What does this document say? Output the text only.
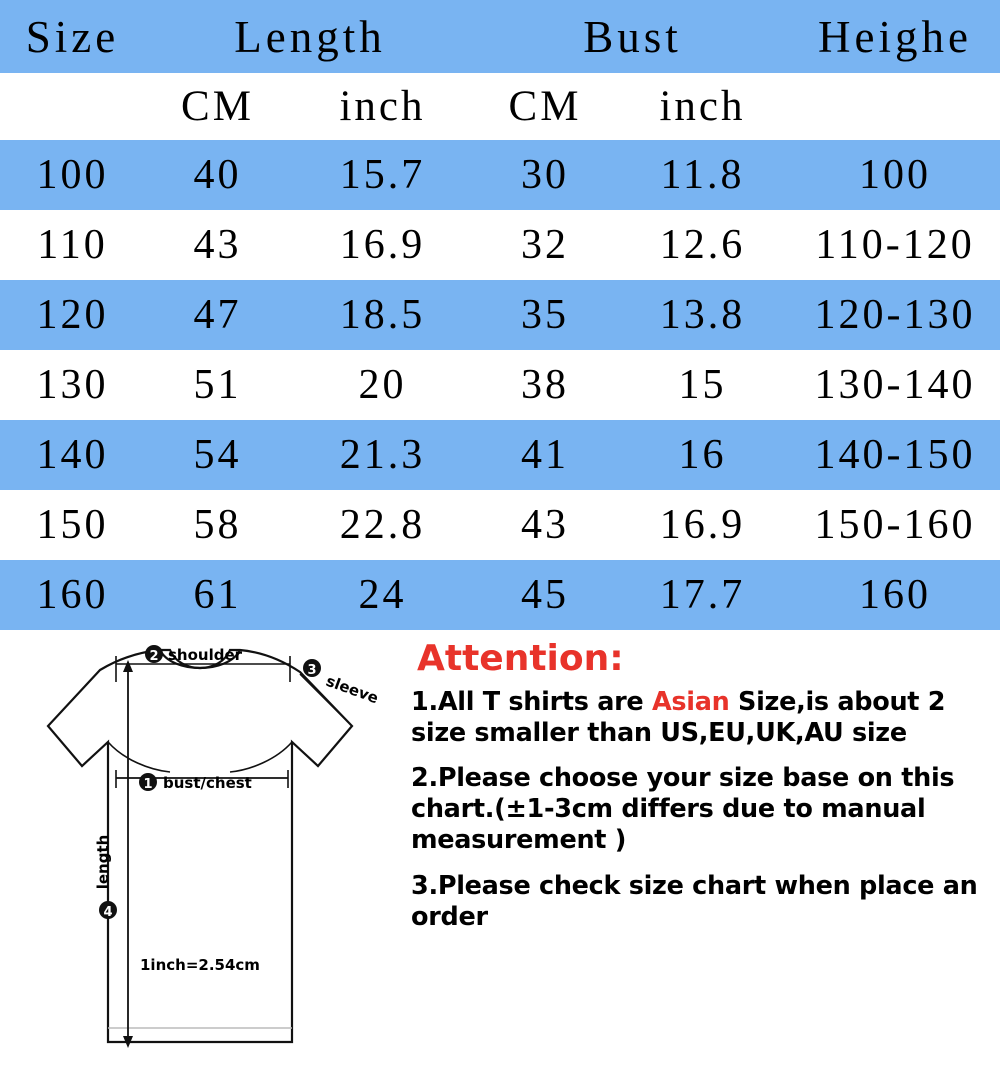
Size	Length		Bust		Heighe
	CM	inch	CM	inch	
100	40	15.7	30	11.8	100
110	43	16.9	32	12.6	110-120
120	47	18.5	35	13.8	120-130
130	51	20	38	15	130-140
140	54	21.3	41	16	140-150
150	58	22.8	43	16.9	150-160
160	61	24	45	17.7	160
2 shoulder
3
sleeve
1 bust/chest
4
length
1inch=2.54cm
Attention:

1.All T shirts are Asian Size,is about 2 size smaller than US,EU,UK,AU size

2.Please choose your size base on this chart.(±1-3cm differs due to manual measurement )

3.Please check size chart when place an order
